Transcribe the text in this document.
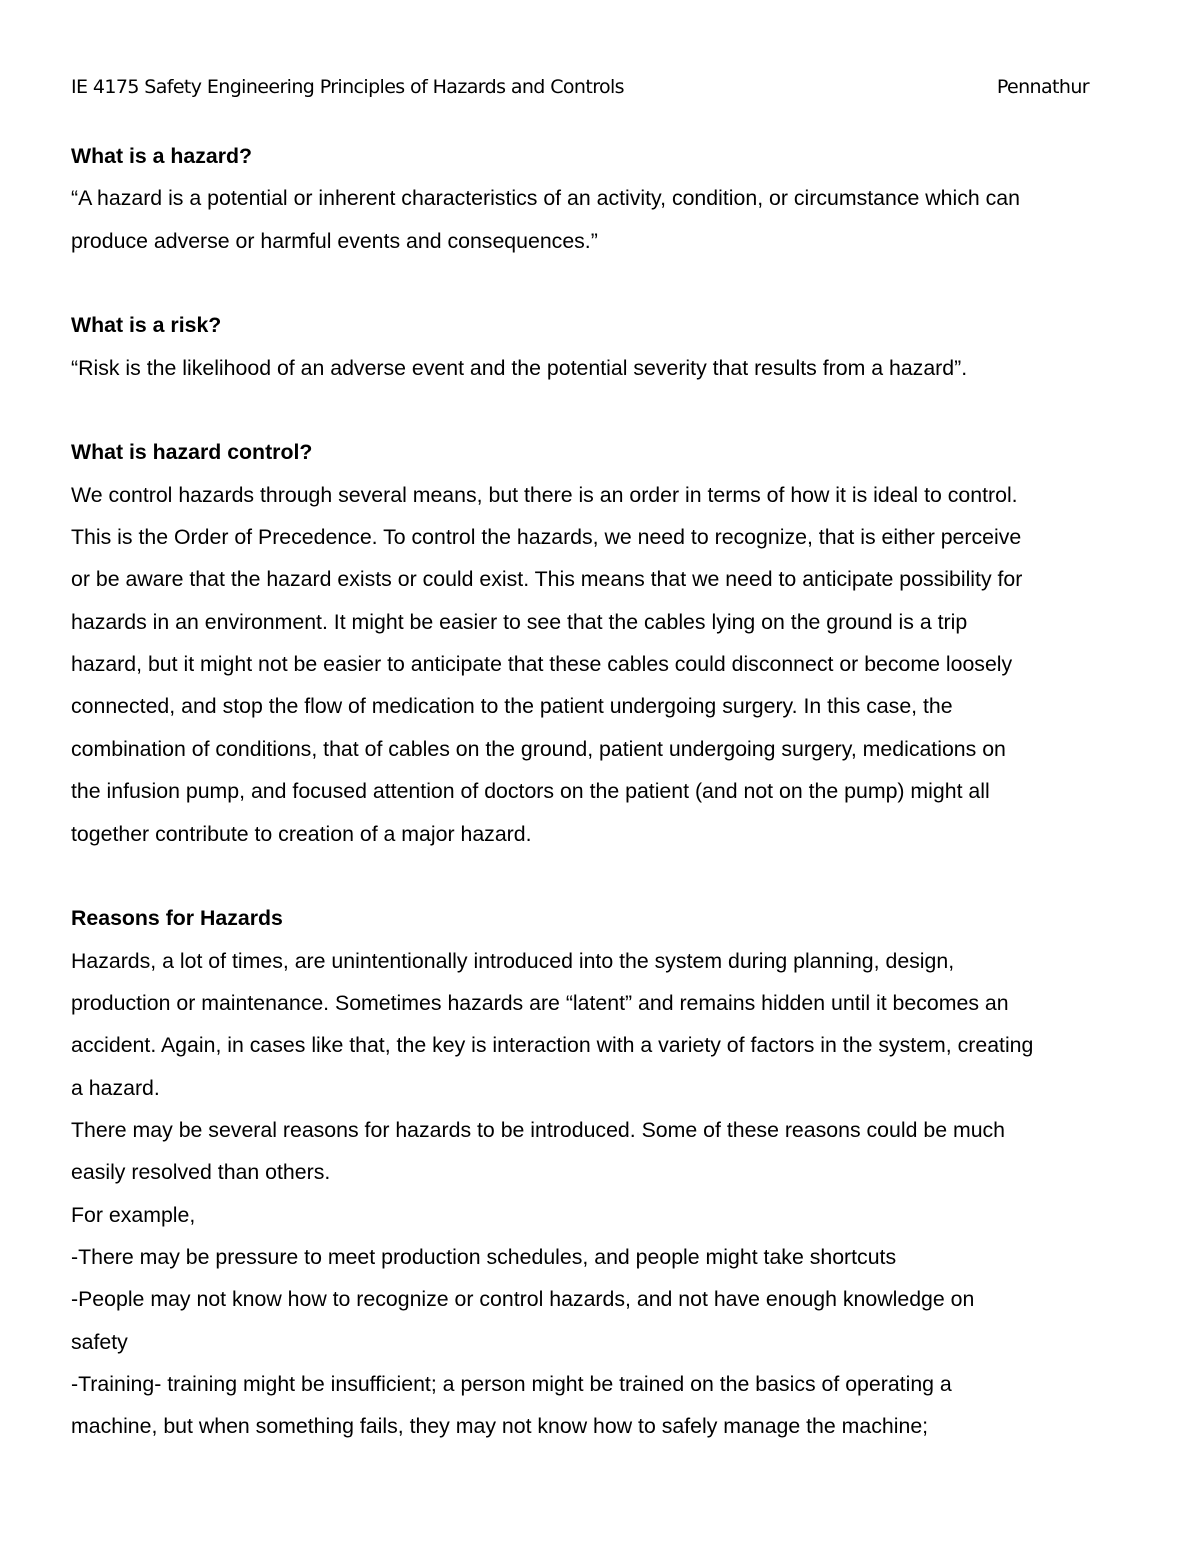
IE 4175 Safety Engineering Principles of Hazards and Controls	Pennathur
What is a hazard?
“A hazard is a potential or inherent characteristics of an activity, condition, or circumstance which can
produce adverse or harmful events and consequences.”
What is a risk?
“Risk is the likelihood of an adverse event and the potential severity that results from a hazard”.
What is hazard control?
We control hazards through several means, but there is an order in terms of how it is ideal to control.
This is the Order of Precedence. To control the hazards, we need to recognize, that is either perceive
or be aware that the hazard exists or could exist. This means that we need to anticipate possibility for
hazards in an environment. It might be easier to see that the cables lying on the ground is a trip
hazard, but it might not be easier to anticipate that these cables could disconnect or become loosely
connected, and stop the flow of medication to the patient undergoing surgery. In this case, the
combination of conditions, that of cables on the ground, patient undergoing surgery, medications on
the infusion pump, and focused attention of doctors on the patient (and not on the pump) might all
together contribute to creation of a major hazard.
Reasons for Hazards
Hazards, a lot of times, are unintentionally introduced into the system during planning, design,
production or maintenance. Sometimes hazards are “latent” and remains hidden until it becomes an
accident. Again, in cases like that, the key is interaction with a variety of factors in the system, creating
a hazard.
There may be several reasons for hazards to be introduced. Some of these reasons could be much
easily resolved than others.
For example,
-There may be pressure to meet production schedules, and people might take shortcuts
-People may not know how to recognize or control hazards, and not have enough knowledge on
safety
-Training- training might be insufficient; a person might be trained on the basics of operating a
machine, but when something fails, they may not know how to safely manage the machine;
